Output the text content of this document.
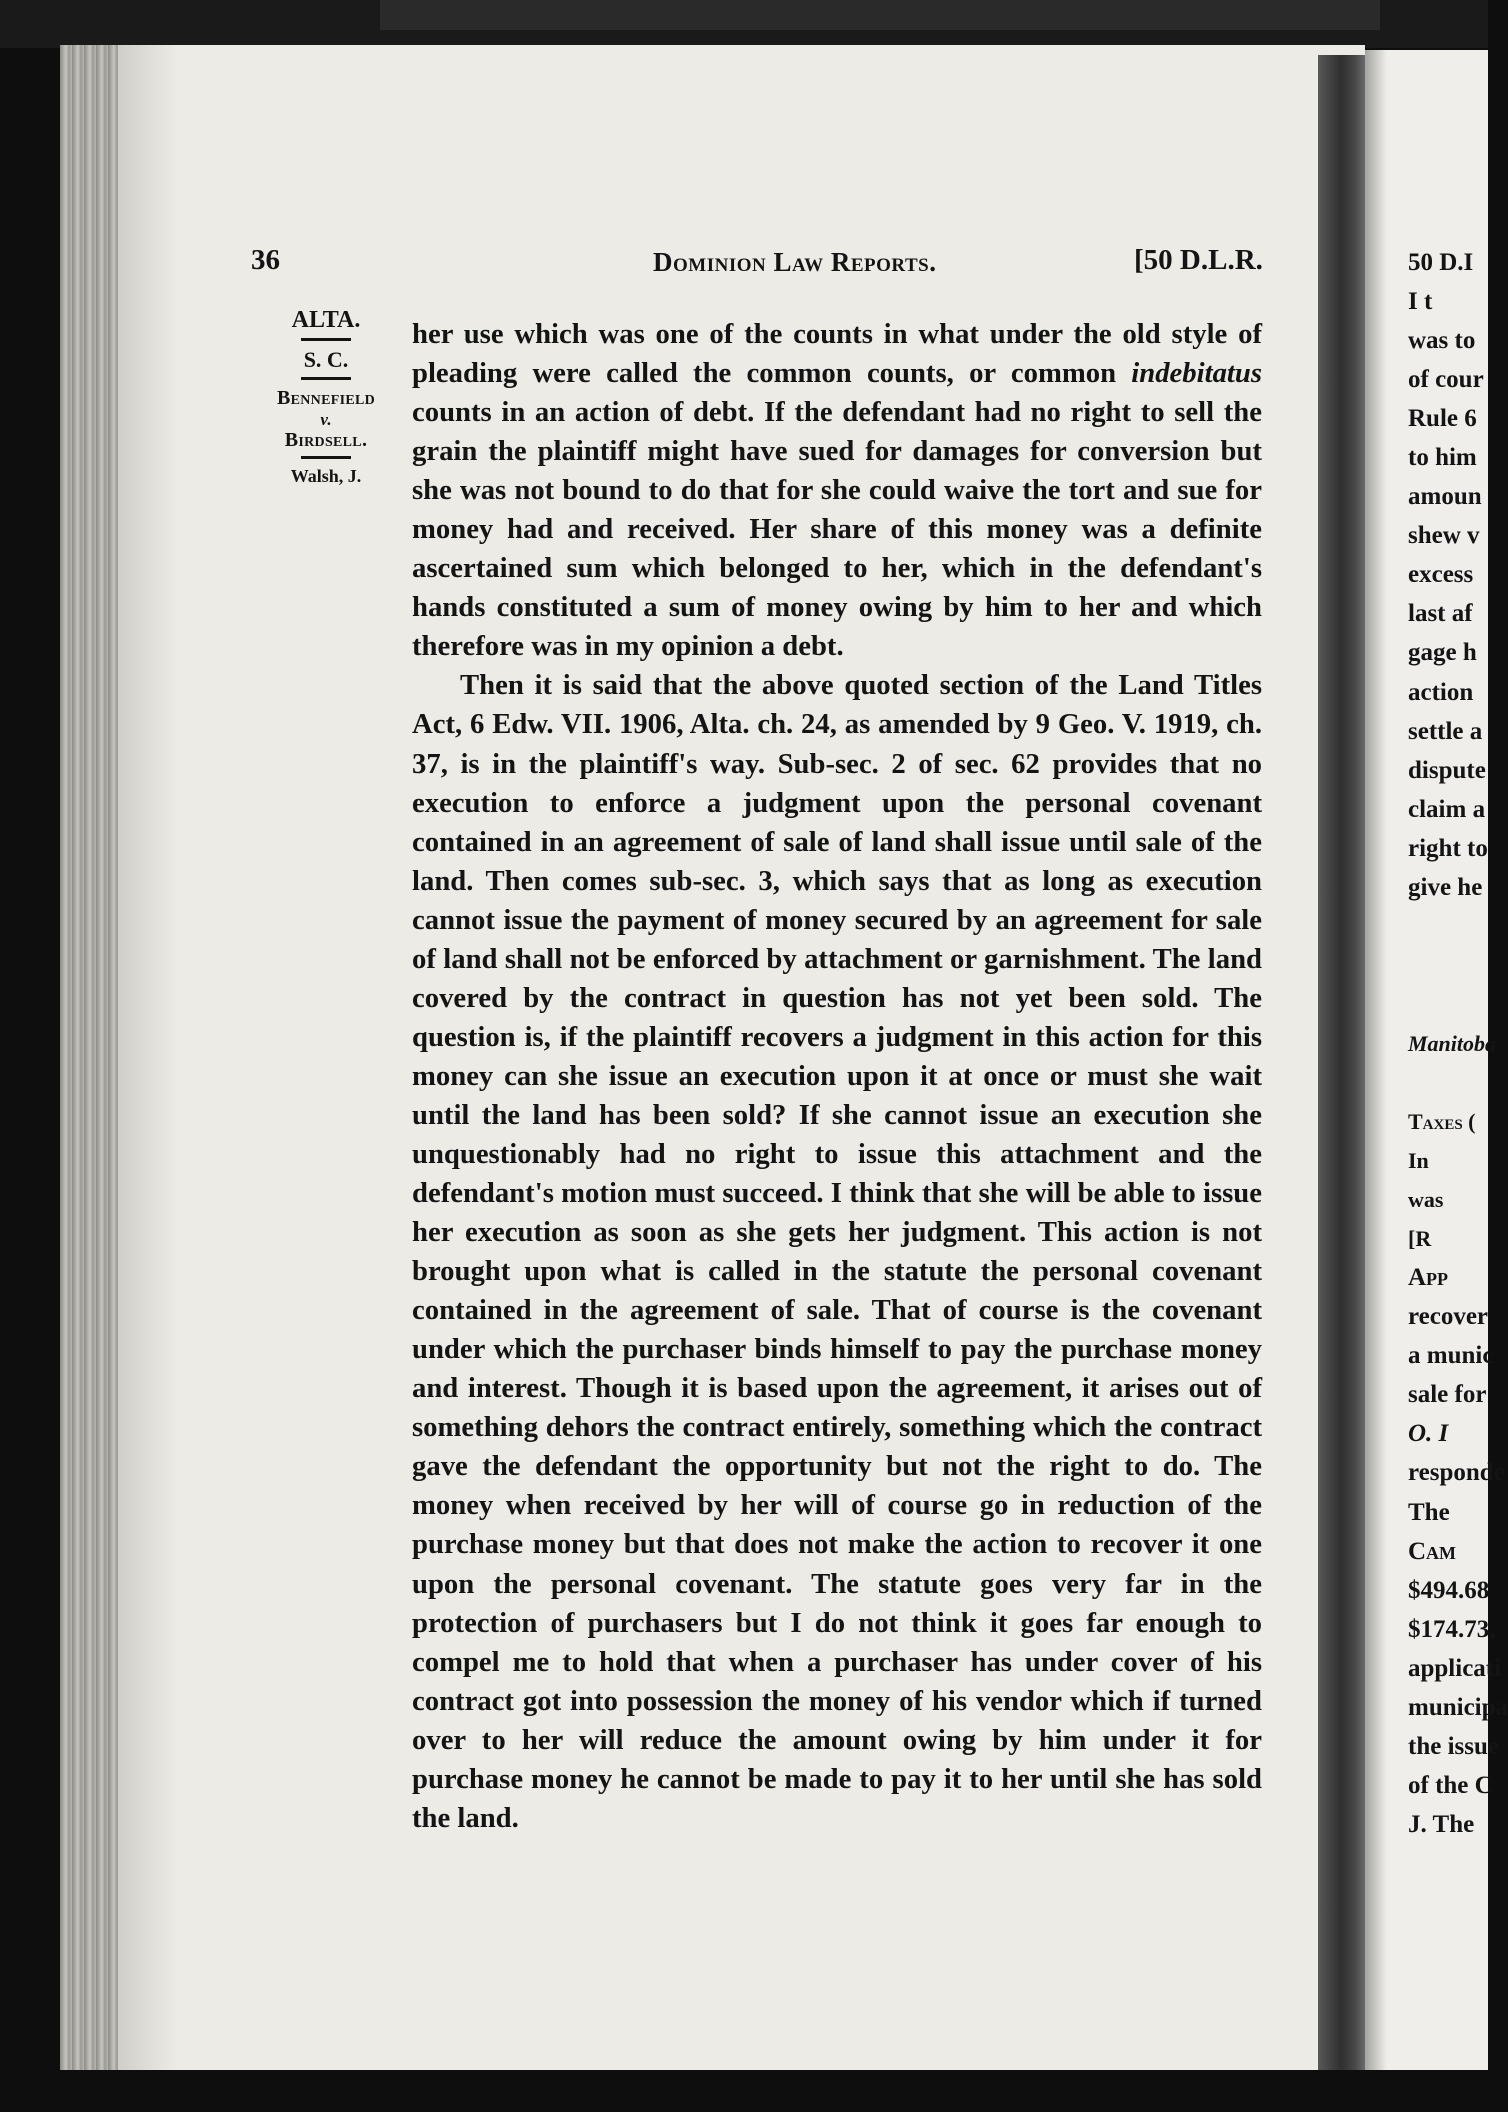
36	Dominion Law Reports.	[50 D.L.R.
ALTA.
S. C.
Bennefield
v.
Birdsell.
Walsh, J.

her use which was one of the counts in what under the old style of pleading were called the common counts, or common indebitatus counts in an action of debt. If the defendant had no right to sell the grain the plaintiff might have sued for damages for conversion but she was not bound to do that for she could waive the tort and sue for money had and received. Her share of this money was a definite ascertained sum which belonged to her, which in the defendant's hands constituted a sum of money owing by him to her and which therefore was in my opinion a debt.

Then it is said that the above quoted section of the Land Titles Act, 6 Edw. VII. 1906, Alta. ch. 24, as amended by 9 Geo. V. 1919, ch. 37, is in the plaintiff's way. Sub-sec. 2 of sec. 62 provides that no execution to enforce a judgment upon the personal covenant contained in an agreement of sale of land shall issue until sale of the land. Then comes sub-sec. 3, which says that as long as execution cannot issue the payment of money secured by an agreement for sale of land shall not be enforced by attachment or garnishment. The land covered by the contract in question has not yet been sold. The question is, if the plaintiff recovers a judgment in this action for this money can she issue an execution upon it at once or must she wait until the land has been sold? If she cannot issue an execution she unquestionably had no right to issue this attachment and the defendant's motion must succeed. I think that she will be able to issue her execution as soon as she gets her judgment. This action is not brought upon what is called in the statute the personal covenant contained in the agreement of sale. That of course is the covenant under which the purchaser binds himself to pay the purchase money and interest. Though it is based upon the agreement, it arises out of something dehors the contract entirely, something which the contract gave the defendant the opportunity but not the right to do. The money when received by her will of course go in reduction of the purchase money but that does not make the action to recover it one upon the personal covenant. The statute goes very far in the protection of purchasers but I do not think it goes far enough to compel me to hold that when a purchaser has under cover of his contract got into possession the money of his vendor which if turned over to her will reduce the amount owing by him under it for purchase money he cannot be made to pay it to her until she has sold the land.

50 D.I
I t
was to
of cour
Rule 6
to him
amoun
shew v
excess
last af
gage h
action
settle a
dispute
claim a
right to
give he
Manitoba
Taxes (
In
was
[R
App
recover
a munic
sale for
O. I
responde
The
Cam
$494.68
$174.73,
applicati
municipa
the issue
of the C
J. The
